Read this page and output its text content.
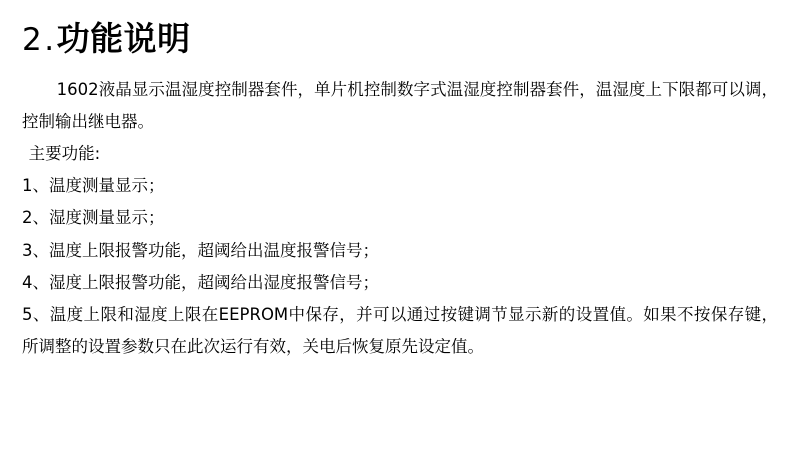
2.功能说明

1602液晶显示温湿度控制器套件，单片机控制数字式温湿度控制器套件，温湿度上下限都可以调，控制输出继电器。

主要功能:

1、温度测量显示；

2、湿度测量显示；

3、温度上限报警功能，超阈给出温度报警信号；

4、湿度上限报警功能，超阈给出湿度报警信号；

5、温度上限和湿度上限在EEPROM中保存，并可以通过按键调节显示新的设置值。如果不按保存键，所调整的设置参数只在此次运行有效，关电后恢复原先设定值。
